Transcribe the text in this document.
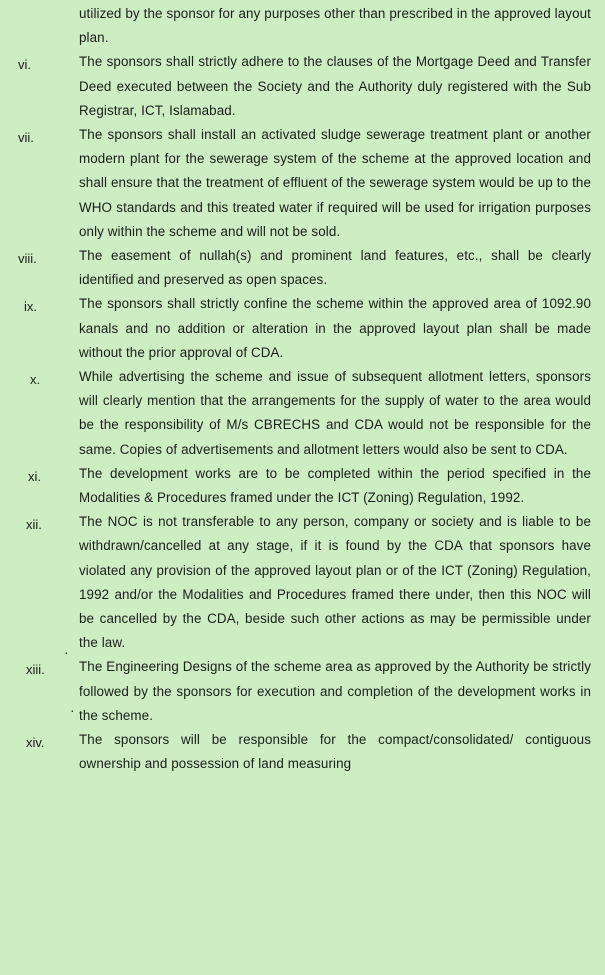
utilized by the sponsor for any purposes other than prescribed in the approved layout plan.
vi.	The sponsors shall strictly adhere to the clauses of the Mortgage Deed and Transfer Deed executed between the Society and the Authority duly registered with the Sub Registrar, ICT, Islamabad.
vii.	The sponsors shall install an activated sludge sewerage treatment plant or another modern plant for the sewerage system of the scheme at the approved location and shall ensure that the treatment of effluent of the sewerage system would be up to the WHO standards and this treated water if required will be used for irrigation purposes only within the scheme and will not be sold.
viii.	The easement of nullah(s) and prominent land features, etc., shall be clearly identified and preserved as open spaces.
ix.	The sponsors shall strictly confine the scheme within the approved area of 1092.90 kanals and no addition or alteration in the approved layout plan shall be made without the prior approval of CDA.
x.	While advertising the scheme and issue of subsequent allotment letters, sponsors will clearly mention that the arrangements for the supply of water to the area would be the responsibility of M/s CBRECHS and CDA would not be responsible for the same. Copies of advertisements and allotment letters would also be sent to CDA.
xi.	The development works are to be completed within the period specified in the Modalities & Procedures framed under the ICT (Zoning) Regulation, 1992.
xii.	The NOC is not transferable to any person, company or society and is liable to be withdrawn/cancelled at any stage, if it is found by the CDA that sponsors have violated any provision of the approved layout plan or of the ICT (Zoning) Regulation, 1992 and/or the Modalities and Procedures framed there under, then this NOC will be cancelled by the CDA, beside such other actions as may be permissible under the law.
xiii.	The Engineering Designs of the scheme area as approved by the Authority be strictly followed by the sponsors for execution and completion of the development works in the scheme.
xiv.	The sponsors will be responsible for the compact/consolidated/ contiguous ownership and possession of land measuring
·
·
